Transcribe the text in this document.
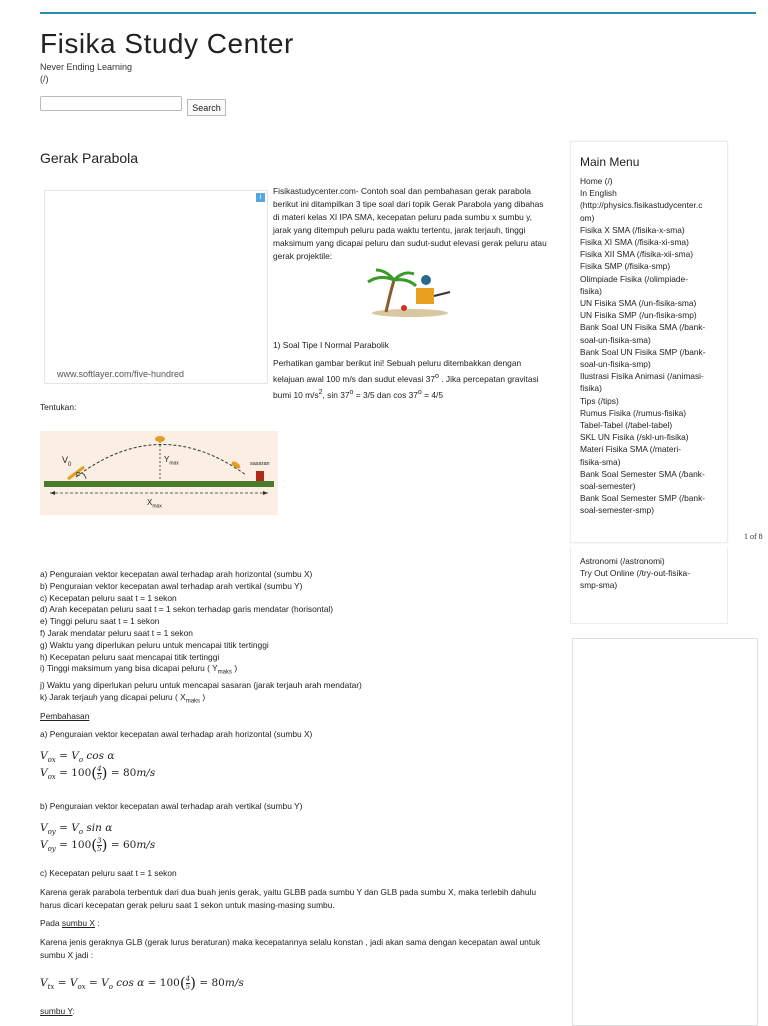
Fisika Study Center
Never Ending Learning
(/)
Search
Gerak Parabola
i
www.softlayer.com/five-hundred
Fisikastudycenter.com- Contoh soal dan pembahasan gerak parabola berikut ini ditampilkan 3 tipe soal dari topik Gerak Parabola yang dibahas di materi kelas XI IPA SMA, kecepatan peluru pada sumbu x sumbu y, jarak yang ditempuh peluru pada waktu tertentu, jarak terjauh, tinggi maksimum yang dicapai peluru dan sudut-sudut elevasi gerak peluru atau gerak projektile:
1) Soal Tipe I Normal Parabolik
Perhatikan gambar berikut ini! Sebuah peluru ditembakkan dengan kelajuan awal 100 m/s dan sudut elevasi 37$^o$ . Jika percepatan gravitasi bumi 10 $m/s^2$, $\sin 37^o = 3/5$ dan $\cos 37^o = 4/5$
Tentukan:
$V_0$
α
$Y_{max}$
$X_{max}$
sasaran
Main Menu
Home (/)
In English
(http://physics.fisikastudycenter.c
om)
Fisika X SMA (/fisika-x-sma)
Fisika XI SMA (/fisika-xi-sma)
Fisika XII SMA (/fisika-xii-sma)
Fisika SMP (/fisika-smp)
Olimpiade Fisika (/olimpiade-
fisika)
UN Fisika SMA (/un-fisika-sma)
UN Fisika SMP (/un-fisika-smp)
Bank Soal UN Fisika SMA (/bank-
soal-un-fisika-sma)
Bank Soal UN Fisika SMP (/bank-
soal-un-fisika-smp)
Ilustrasi Fisika Animasi (/animasi-
fisika)
Tips (/tips)
Rumus Fisika (/rumus-fisika)
Tabel-Tabel (/tabel-tabel)
SKL UN Fisika (/skl-un-fisika)
Materi Fisika SMA (/materi-
fisika-sma)
Bank Soal Semester SMA (/bank-
soal-semester)
Bank Soal Semester SMP (/bank-
soal-semester-smp)
1 of 8
Astronomi (/astronomi)
Try Out Online (/try-out-fisika-
smp-sma)
a) Penguraian vektor kecepatan awal terhadap arah horizontal (sumbu X)
b) Penguraian vektor kecepatan awal terhadap arah vertikal (sumbu Y)
c) Kecepatan peluru saat t = 1 sekon
d) Arah kecepatan peluru saat t = 1 sekon terhadap garis mendatar (horisontal)
e) Tinggi peluru saat t = 1 sekon
f) Jarak mendatar peluru saat t = 1 sekon
g) Waktu yang diperlukan peluru untuk mencapai titik tertinggi
h) Kecepatan peluru saat mencapai titik tertinggi
i) Tinggi maksimum yang bisa dicapai peluru ( $Y_{maks}$ )
j) Waktu yang diperlukan peluru untuk mencapai sasaran (jarak terjauh arah mendatar)
k) Jarak terjauh yang dicapai peluru ( $X_{maks}$ )
Pembahasan
a) Penguraian vektor kecepatan awal terhadap arah horizontal (sumbu X)
$V_{ox} = V_o$ cos α
$V_{ox} = 100( \frac{4}{5}$ ) = 80m/s
b) Penguraian vektor kecepatan awal terhadap arah vertikal (sumbu Y)
$V_{oy} = V_o$ sin α
$V_{oy} = 100( \frac{3}{5}$ ) = 60m/s
c) Kecepatan peluru saat t = 1 sekon
Karena gerak parabola terbentuk dari dua buah jenis gerak, yaitu GLBB pada sumbu Y dan GLB pada sumbu X, maka terlebih dahulu harus dicari kecepatan gerak peluru saat 1 sekon untuk masing-masing sumbu.
Pada sumbu X :
Karena jenis geraknya GLB (gerak lurus beraturan) maka kecepatannya selalu konstan , jadi akan sama dengan kecepatan awal untuk sumbu X jadi :
$V_{tx} = V_{ox} = V_o$ $\cos \alpha = 100( \frac{4}{5}$ ) = 80m/s
sumbu Y:
